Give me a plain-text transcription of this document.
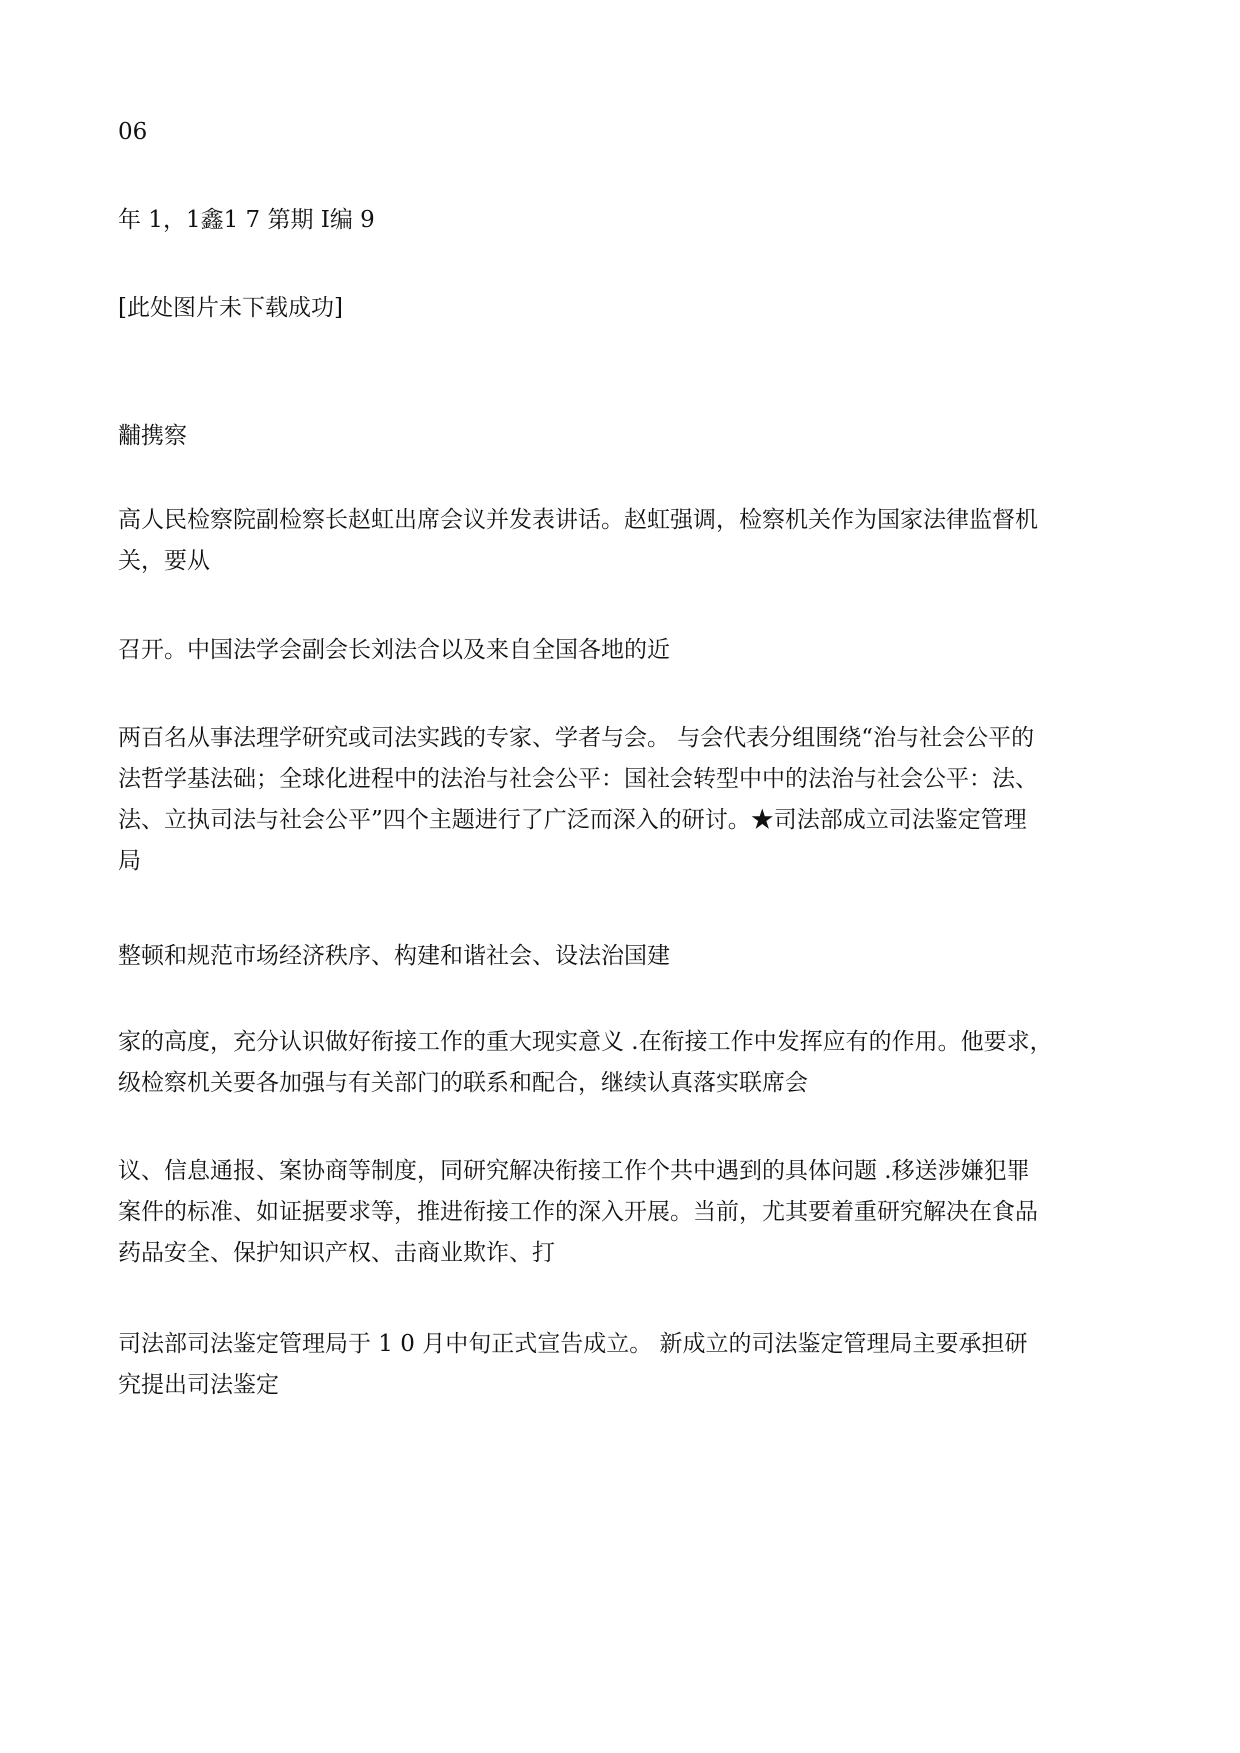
06
年 1，1鑫1 7 第期 I编 9
[此处图片未下载成功]
黼携察
高人民检察院副检察长赵虹出席会议并发表讲话。赵虹强调，检察机关作为国家法律监督机
关，要从
召开。中国法学会副会长刘法合以及来自全国各地的近
两百名从事法理学研究或司法实践的专家、学者与会。 与会代表分组围绕“治与社会公平的
法哲学基法础；全球化进程中的法治与社会公平：国社会转型中中的法治与社会公平：法、
法、立执司法与社会公平”四个主题进行了广泛而深入的研讨。★司法部成立司法鉴定管理
局
整顿和规范市场经济秩序、构建和谐社会、设法治国建
家的高度，充分认识做好衔接工作的重大现实意义 .在衔接工作中发挥应有的作用。他要求，
级检察机关要各加强与有关部门的联系和配合，继续认真落实联席会
议、信息通报、案协商等制度，同研究解决衔接工作个共中遇到的具体问题 .移送涉嫌犯罪
案件的标准、如证据要求等，推进衔接工作的深入开展。当前，尤其要着重研究解决在食品
药品安全、保护知识产权、击商业欺诈、打
司法部司法鉴定管理局于 1 0 月中旬正式宣告成立。 新成立的司法鉴定管理局主要承担研
究提出司法鉴定
